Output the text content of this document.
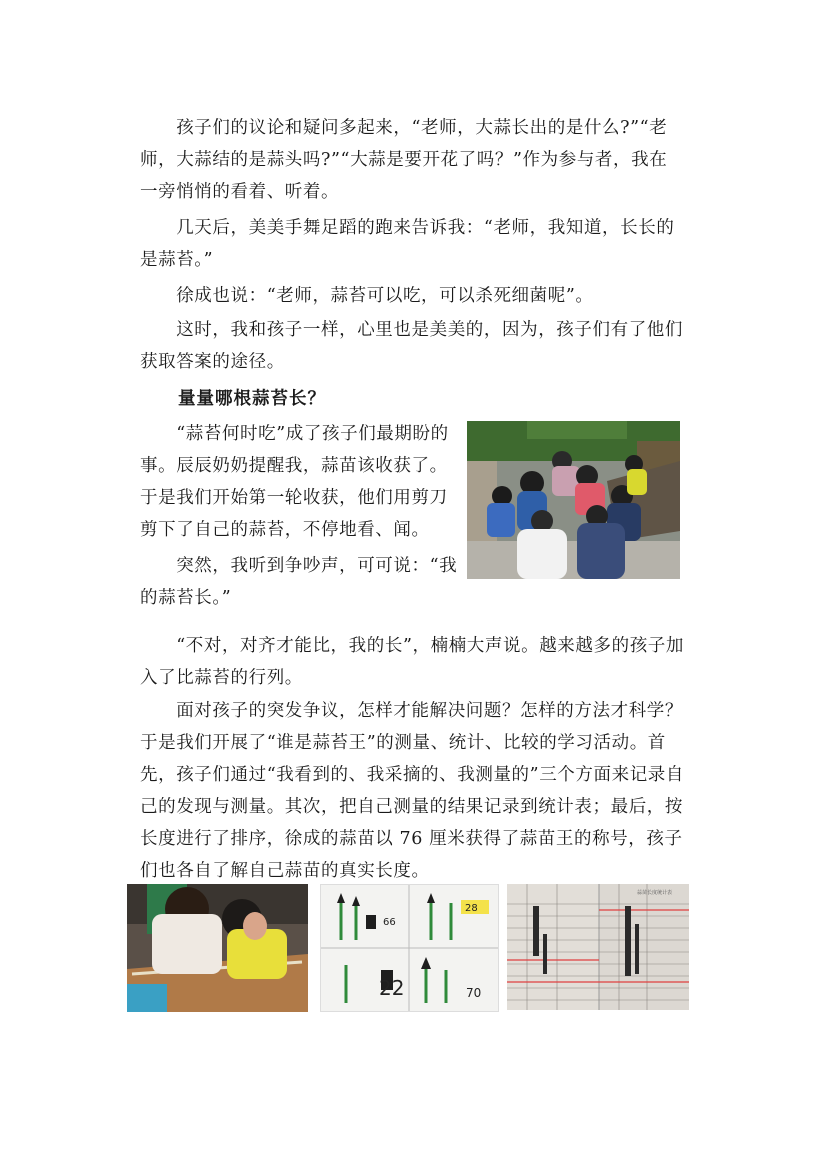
　　孩子们的议论和疑问多起来，“老师，大蒜长出的是什么?”“老师，大蒜结的是蒜头吗?”“大蒜是要开花了吗？”作为参与者，我在一旁悄悄的看着、听着。

　　几天后，美美手舞足蹈的跑来告诉我：“老师，我知道，长长的是蒜苔。”

　　徐成也说：“老师，蒜苔可以吃，可以杀死细菌呢”。

　　这时，我和孩子一样，心里也是美美的，因为，孩子们有了他们获取答案的途径。

量量哪根蒜苔长？

　　“蒜苔何时吃”成了孩子们最期盼的事。辰辰奶奶提醒我，蒜苗该收获了。于是我们开始第一轮收获，他们用剪刀剪下了自己的蒜苔，不停地看、闻。

　　突然，我听到争吵声，可可说：“我的蒜苔长。”

　　“不对，对齐才能比，我的长”，楠楠大声说。越来越多的孩子加入了比蒜苔的行列。

　　面对孩子的突发争议，怎样才能解决问题？怎样的方法才科学？于是我们开展了“谁是蒜苔王”的测量、统计、比较的学习活动。首先，孩子们通过“我看到的、我采摘的、我测量的”三个方面来记录自己的发现与测量。其次，把自己测量的结果记录到统计表；最后，按长度进行了排序，徐成的蒜苗以 76 厘米获得了蒜苗王的称号，孩子们也各自了解自己蒜苗的真实长度。

66
28
22	70
蒜苗长度统计表
